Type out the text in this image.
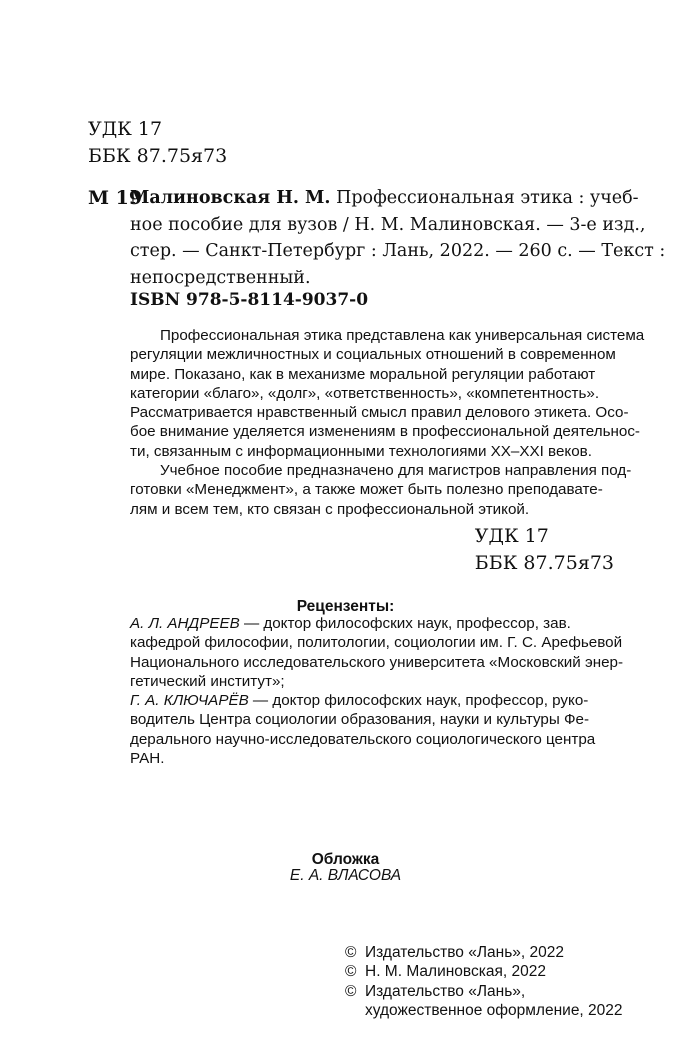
УДК 17
ББК 87.75я73
М 19
Малиновская Н. М. Профессиональная этика : учеб-
ное пособие для вузов / Н. М. Малиновская. — 3-е изд.,
стер. — Санкт-Петербург : Лань, 2022. — 260 с. — Текст :
непосредственный.
ISBN 978-5-8114-9037-0
Профессиональная этика представлена как универсальная система
регуляции межличностных и социальных отношений в современном
мире. Показано, как в механизме моральной регуляции работают
категории «благо», «долг», «ответственность», «компетентность».
Рассматривается нравственный смысл правил делового этикета. Осо-
бое внимание уделяется изменениям в профессиональной деятельнос-
ти, связанным с информационными технологиями XX–XXI веков.
Учебное пособие предназначено для магистров направления под-
готовки «Менеджмент», а также может быть полезно преподавате-
лям и всем тем, кто связан с профессиональной этикой.
УДК 17
ББК 87.75я73
Рецензенты:
А. Л. АНДРЕЕВ — доктор философских наук, профессор, зав.
кафедрой философии, политологии, социологии им. Г. С. Арефьевой
Национального исследовательского университета «Московский энер-
гетический институт»;
Г. А. КЛЮЧАРЁВ — доктор философских наук, профессор, руко-
водитель Центра социологии образования, науки и культуры Фе-
дерального научно-исследовательского социологического центра
РАН.
Обложка
Е. А. ВЛАСОВА
© Издательство «Лань», 2022
© Н. М. Малиновская, 2022
© Издательство «Лань»,
художественное оформление, 2022
